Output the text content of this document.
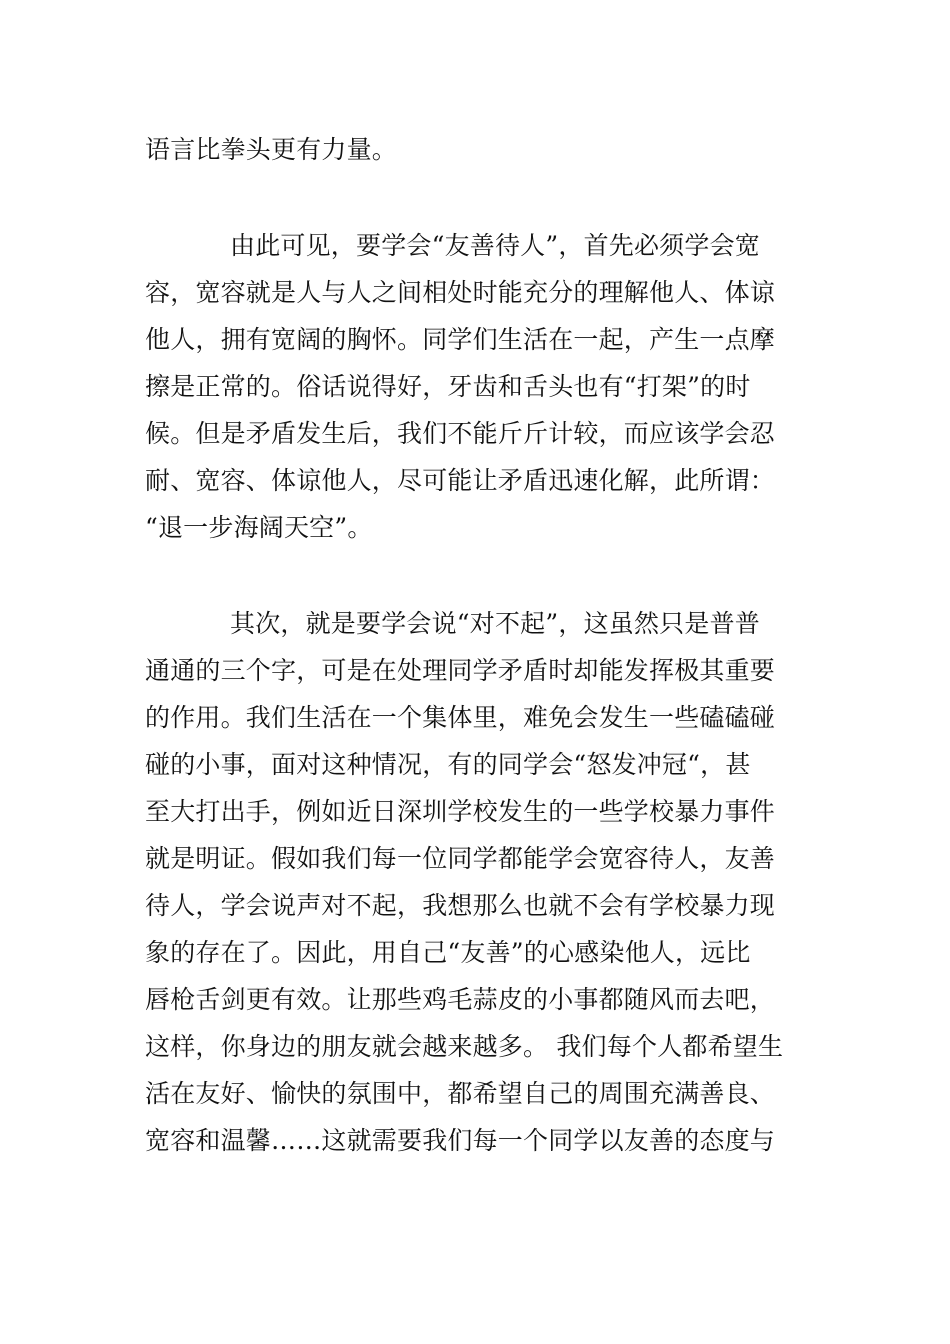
语言比拳头更有力量。
由此可见，要学会“友善待人”，首先必须学会宽
容，宽容就是人与人之间相处时能充分的理解他人、体谅
他人，拥有宽阔的胸怀。同学们生活在一起，产生一点摩
擦是正常的。俗话说得好，牙齿和舌头也有“打架”的时
候。但是矛盾发生后，我们不能斤斤计较，而应该学会忍
耐、宽容、体谅他人，尽可能让矛盾迅速化解，此所谓：
“退一步海阔天空”。
其次，就是要学会说“对不起”，这虽然只是普普
通通的三个字，可是在处理同学矛盾时却能发挥极其重要
的作用。我们生活在一个集体里，难免会发生一些磕磕碰
碰的小事，面对这种情况，有的同学会“怒发冲冠“，甚
至大打出手，例如近日深圳学校发生的一些学校暴力事件
就是明证。假如我们每一位同学都能学会宽容待人，友善
待人，学会说声对不起，我想那么也就不会有学校暴力现
象的存在了。因此，用自己“友善”的心感染他人，远比
唇枪舌剑更有效。让那些鸡毛蒜皮的小事都随风而去吧，
这样，你身边的朋友就会越来越多。 我们每个人都希望生
活在友好、愉快的氛围中，都希望自己的周围充满善良、
宽容和温馨……这就需要我们每一个同学以友善的态度与
